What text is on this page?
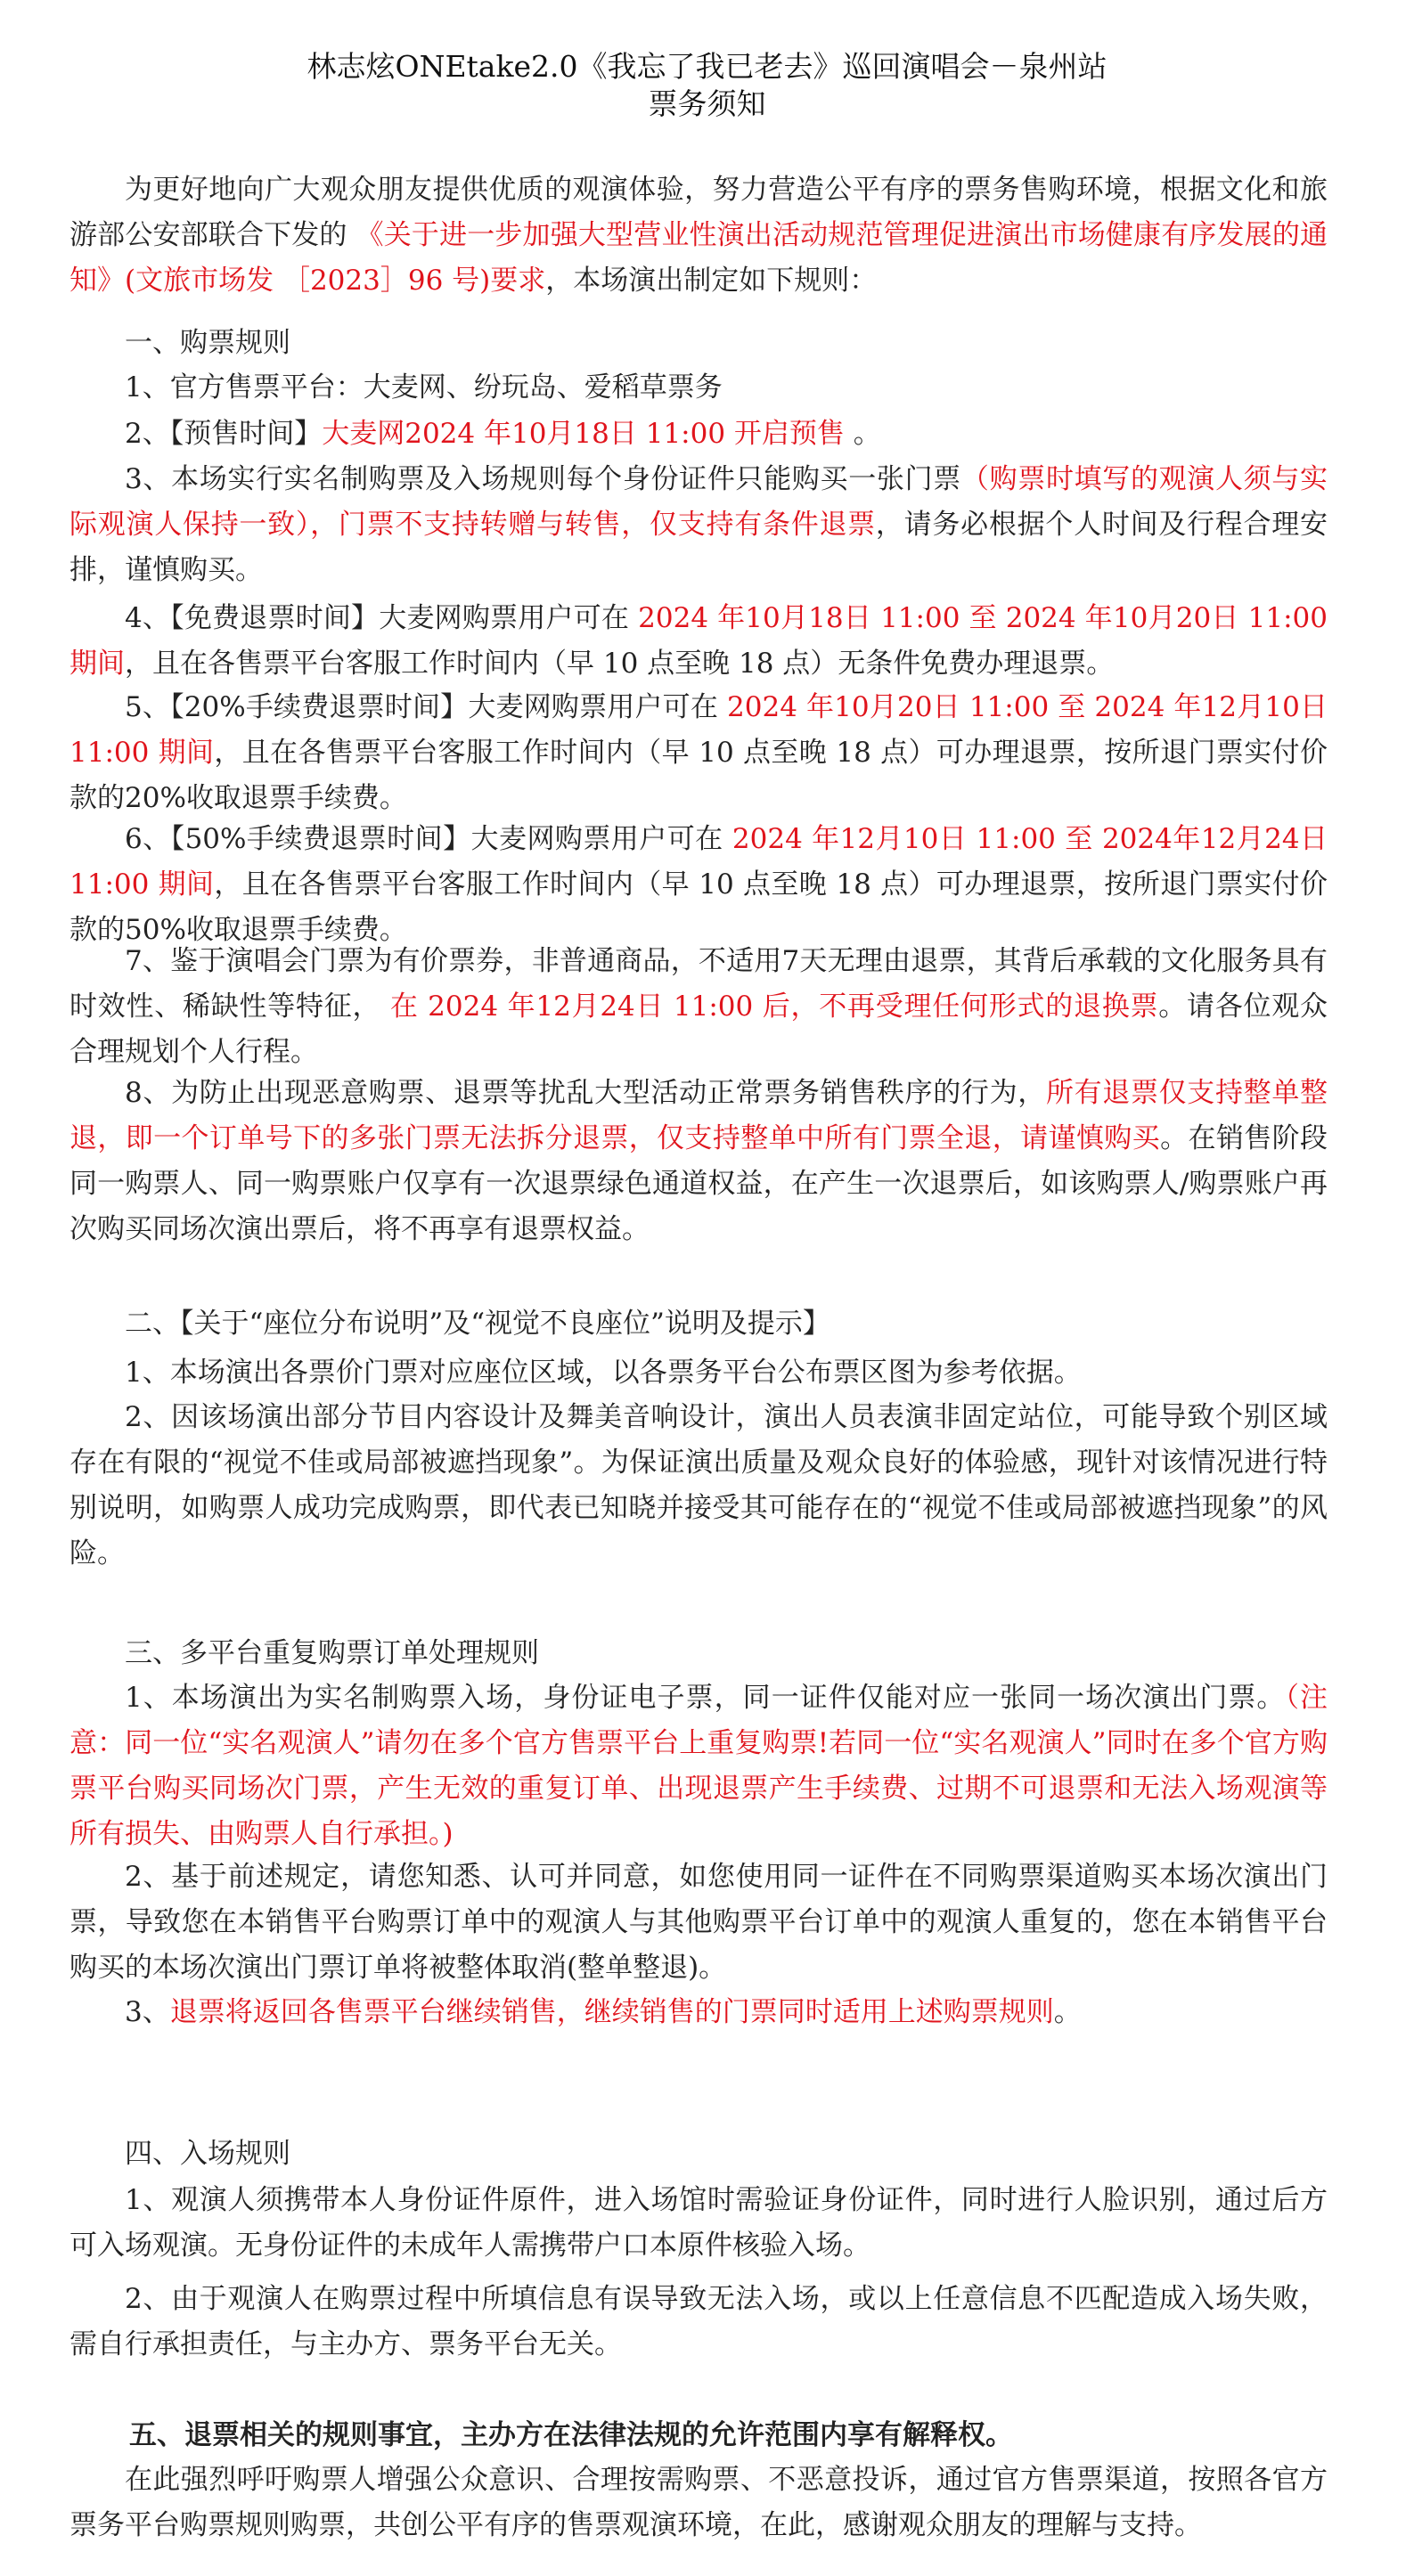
林志炫ONEtake2.0《我忘了我已老去》巡回演唱会－泉州站
票务须知
为更好地向广大观众朋友提供优质的观演体验，努力营造公平有序的票务售购环境，根据文化和旅游部公安部联合下发的 《关于进一步加强大型营业性演出活动规范管理促进演出市场健康有序发展的通知》(文旅市场发 ［2023］96 号)要求，本场演出制定如下规则：
一、购票规则
1、官方售票平台：大麦网、纷玩岛、爱稻草票务
2、【预售时间】大麦网2024 年10月18日 11:00 开启预售 。
3、本场实行实名制购票及入场规则每个身份证件只能购买一张门票（购票时填写的观演人须与实际观演人保持一致），门票不支持转赠与转售，仅支持有条件退票，请务必根据个人时间及行程合理安排，谨慎购买。
4、【免费退票时间】大麦网购票用户可在 2024 年10月18日 11:00 至 2024 年10月20日 11:00 期间，且在各售票平台客服工作时间内（早 10 点至晚 18 点）无条件免费办理退票。
5、【20%手续费退票时间】大麦网购票用户可在 2024 年10月20日 11:00 至 2024 年12月10日 11:00 期间，且在各售票平台客服工作时间内（早 10 点至晚 18 点）可办理退票，按所退门票实付价款的20%收取退票手续费。
6、【50%手续费退票时间】大麦网购票用户可在 2024 年12月10日 11:00 至 2024年12月24日 11:00 期间，且在各售票平台客服工作时间内（早 10 点至晚 18 点）可办理退票，按所退门票实付价款的50%收取退票手续费。
7、鉴于演唱会门票为有价票券，非普通商品，不适用7天无理由退票，其背后承载的文化服务具有时效性、稀缺性等特征， 在 2024 年12月24日 11:00 后，不再受理任何形式的退换票。请各位观众合理规划个人行程。
8、为防止出现恶意购票、退票等扰乱大型活动正常票务销售秩序的行为，所有退票仅支持整单整退，即一个订单号下的多张门票无法拆分退票，仅支持整单中所有门票全退，请谨慎购买。在销售阶段同一购票人、同一购票账户仅享有一次退票绿色通道权益，在产生一次退票后，如该购票人/购票账户再次购买同场次演出票后，将不再享有退票权益。
二、【关于“座位分布说明”及“视觉不良座位”说明及提示】
1、本场演出各票价门票对应座位区域，以各票务平台公布票区图为参考依据。
2、因该场演出部分节目内容设计及舞美音响设计，演出人员表演非固定站位，可能导致个别区域存在有限的“视觉不佳或局部被遮挡现象”。为保证演出质量及观众良好的体验感，现针对该情况进行特别说明，如购票人成功完成购票，即代表已知晓并接受其可能存在的“视觉不佳或局部被遮挡现象”的风险。
三、多平台重复购票订单处理规则
1、本场演出为实名制购票入场，身份证电子票，同一证件仅能对应一张同一场次演出门票。（注意：同一位“实名观演人”请勿在多个官方售票平台上重复购票!若同一位“实名观演人”同时在多个官方购票平台购买同场次门票，产生无效的重复订单、出现退票产生手续费、过期不可退票和无法入场观演等所有损失、由购票人自行承担。)
2、基于前述规定，请您知悉、认可并同意，如您使用同一证件在不同购票渠道购买本场次演出门票，导致您在本销售平台购票订单中的观演人与其他购票平台订单中的观演人重复的，您在本销售平台购买的本场次演出门票订单将被整体取消(整单整退)。
3、退票将返回各售票平台继续销售，继续销售的门票同时适用上述购票规则。
四、入场规则
1、观演人须携带本人身份证件原件，进入场馆时需验证身份证件，同时进行人脸识别，通过后方可入场观演。无身份证件的未成年人需携带户口本原件核验入场。
2、由于观演人在购票过程中所填信息有误导致无法入场，或以上任意信息不匹配造成入场失败，需自行承担责任，与主办方、票务平台无关。
五、退票相关的规则事宜，主办方在法律法规的允许范围内享有解释权。
在此强烈呼吁购票人增强公众意识、合理按需购票、不恶意投诉，通过官方售票渠道，按照各官方票务平台购票规则购票，共创公平有序的售票观演环境，在此，感谢观众朋友的理解与支持。
